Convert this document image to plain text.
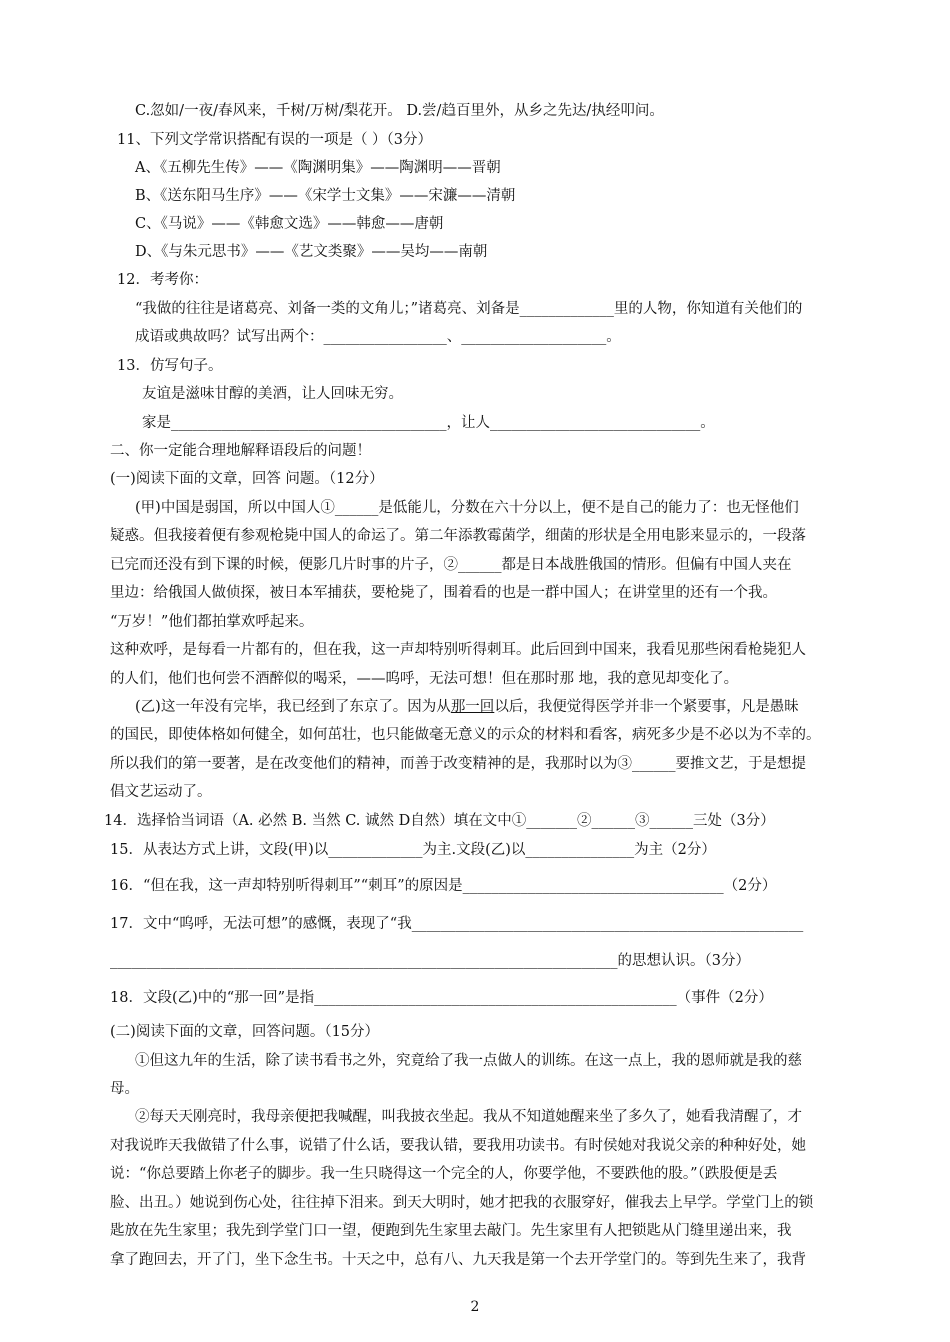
C.忽如/一夜/春风来，千树/万树/梨花开。 D.尝/趋百里外，从乡之先达/执经叩问。
11、下列文学常识搭配有误的一项是（ ）（3分）
A、《五柳先生传》——《陶渊明集》——陶渊明——晋朝
B、《送东阳马生序》——《宋学士文集》——宋濂——清朝
C、《马说》——《韩愈文选》——韩愈——唐朝
D、《与朱元思书》——《艺文类聚》——吴均——南朝
12．考考你：
“我做的往往是诸葛亮、刘备一类的文角儿；”诸葛亮、刘备是_____________里的人物，你知道有关他们的
成语或典故吗？试写出两个：_________________、____________________。
13．仿写句子。
友谊是滋味甘醇的美酒，让人回味无穷。
家是______________________________________，让人_____________________________。
二、你一定能合理地解释语段后的问题！
(一)阅读下面的文章，回答 问题。（12分）
(甲)中国是弱国，所以中国人①______是低能儿，分数在六十分以上，便不是自己的能力了：也无怪他们
疑惑。但我接着便有参观枪毙中国人的命运了。第二年添教霉菌学，细菌的形状是全用电影来显示的，一段落
已完而还没有到下课的时候，便影几片时事的片子，②______都是日本战胜俄国的情形。但偏有中国人夹在
里边：给俄国人做侦探，被日本军捕获，要枪毙了，围着看的也是一群中国人；在讲堂里的还有一个我。
“万岁！”他们都拍掌欢呼起来。
这种欢呼，是每看一片都有的，但在我，这一声却特别听得刺耳。此后回到中国来，我看见那些闲看枪毙犯人
的人们，他们也何尝不酒醉似的喝采，——呜呼，无法可想！但在那时那 地，我的意见却变化了。
(乙)这一年没有完毕，我已经到了东京了。因为从那一回以后，我便觉得医学并非一个紧要事，凡是愚昧
的国民，即使体格如何健全，如何茁壮，也只能做毫无意义的示众的材料和看客，病死多少是不必以为不幸的。
所以我们的第一要著，是在改变他们的精神，而善于改变精神的是，我那时以为③______要推文艺，于是想提
倡文艺运动了。
14．选择恰当词语（A. 必然 B. 当然 C. 诚然 D自然）填在文中①_______②______③______三处（3分）
15．从表达方式上讲，文段(甲)以_____________为主.文段(乙)以_______________为主（2分）
16．“但在我，这一声却特别听得刺耳”“刺耳”的原因是____________________________________（2分）
17．文中“呜呼，无法可想”的感慨，表现了“我______________________________________________________
______________________________________________________________________的思想认识。（3分）
18．文段(乙)中的“那一回”是指__________________________________________________（事件（2分）
(二)阅读下面的文章，回答问题。（15分）
①但这九年的生活，除了读书看书之外，究竟给了我一点做人的训练。在这一点上，我的恩师就是我的慈
母。
②每天天刚亮时，我母亲便把我喊醒，叫我披衣坐起。我从不知道她醒来坐了多久了，她看我清醒了，才
对我说昨天我做错了什么事，说错了什么话，要我认错，要我用功读书。有时侯她对我说父亲的种种好处，她
说：“你总要踏上你老子的脚步。我一生只晓得这一个完全的人，你要学他，不要跌他的股。”（跌股便是丢
脸、出丑。）她说到伤心处，往往掉下泪来。到天大明时，她才把我的衣服穿好，催我去上早学。学堂门上的锁
匙放在先生家里；我先到学堂门口一望，便跑到先生家里去敲门。先生家里有人把锁匙从门缝里递出来，我
拿了跑回去，开了门，坐下念生书。十天之中，总有八、九天我是第一个去开学堂门的。等到先生来了，我背
2
